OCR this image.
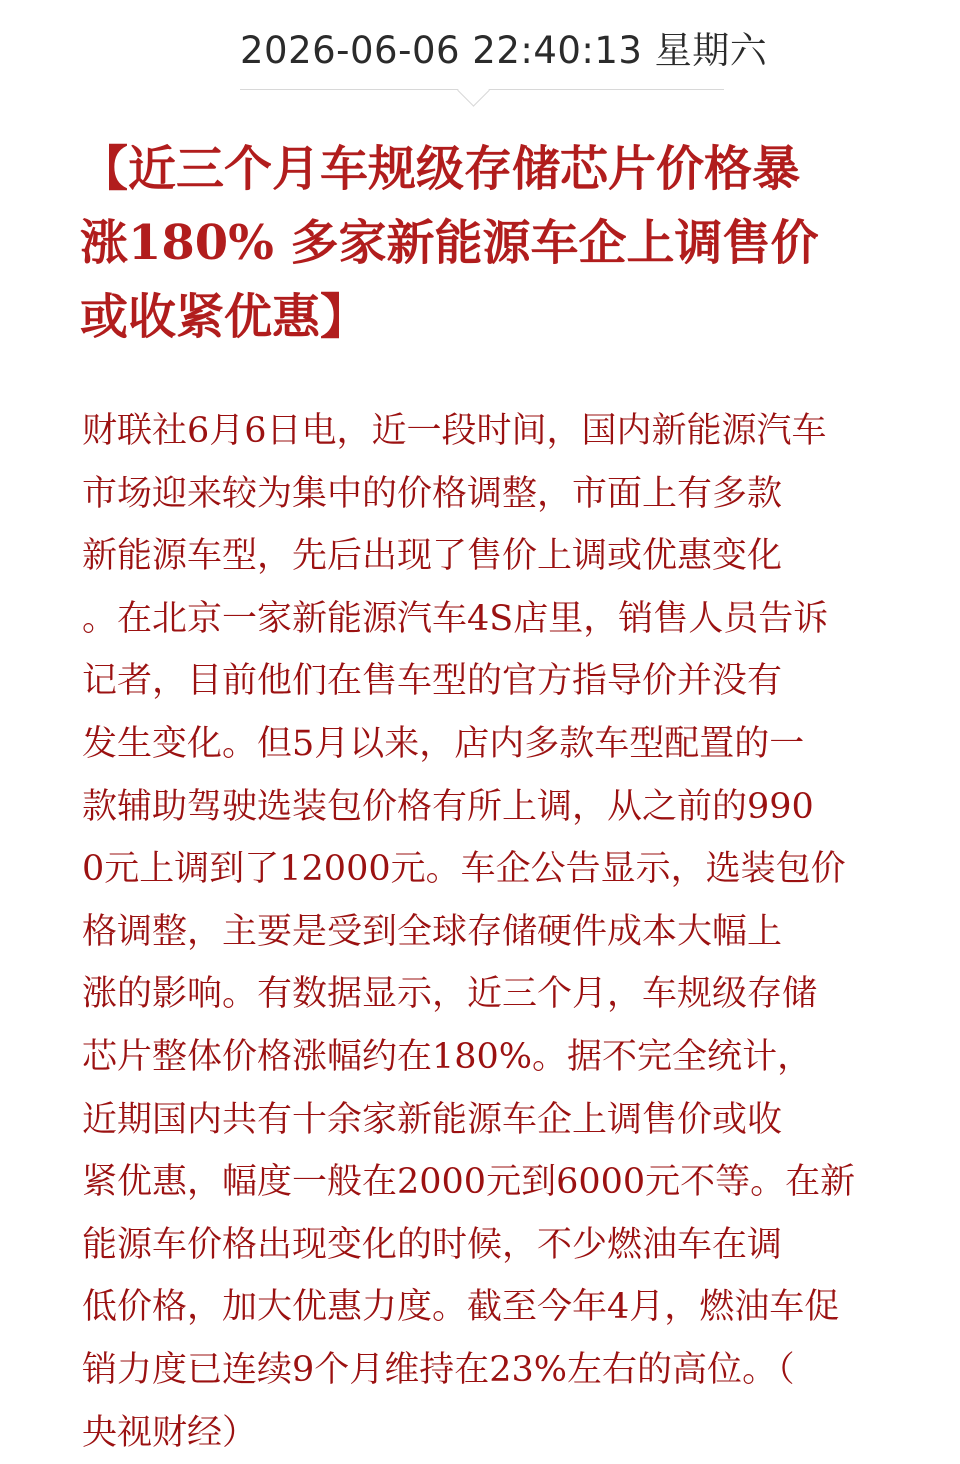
2026-06-06 22:40:13 星期六
【近三个月车规级存储芯片价格暴
涨180% 多家新能源车企上调售价
或收紧优惠】
财联社6月6日电，近一段时间，国内新能源汽车
市场迎来较为集中的价格调整，市面上有多款
新能源车型，先后出现了售价上调或优惠变化
。在北京一家新能源汽车4S店里，销售人员告诉
记者，目前他们在售车型的官方指导价并没有
发生变化。但5月以来，店内多款车型配置的一
款辅助驾驶选装包价格有所上调，从之前的990
0元上调到了12000元。车企公告显示，选装包价
格调整，主要是受到全球存储硬件成本大幅上
涨的影响。有数据显示，近三个月，车规级存储
芯片整体价格涨幅约在180%。据不完全统计，
近期国内共有十余家新能源车企上调售价或收
紧优惠，幅度一般在2000元到6000元不等。在新
能源车价格出现变化的时候，不少燃油车在调
低价格，加大优惠力度。截至今年4月，燃油车促
销力度已连续9个月维持在23%左右的高位。（
央视财经）
